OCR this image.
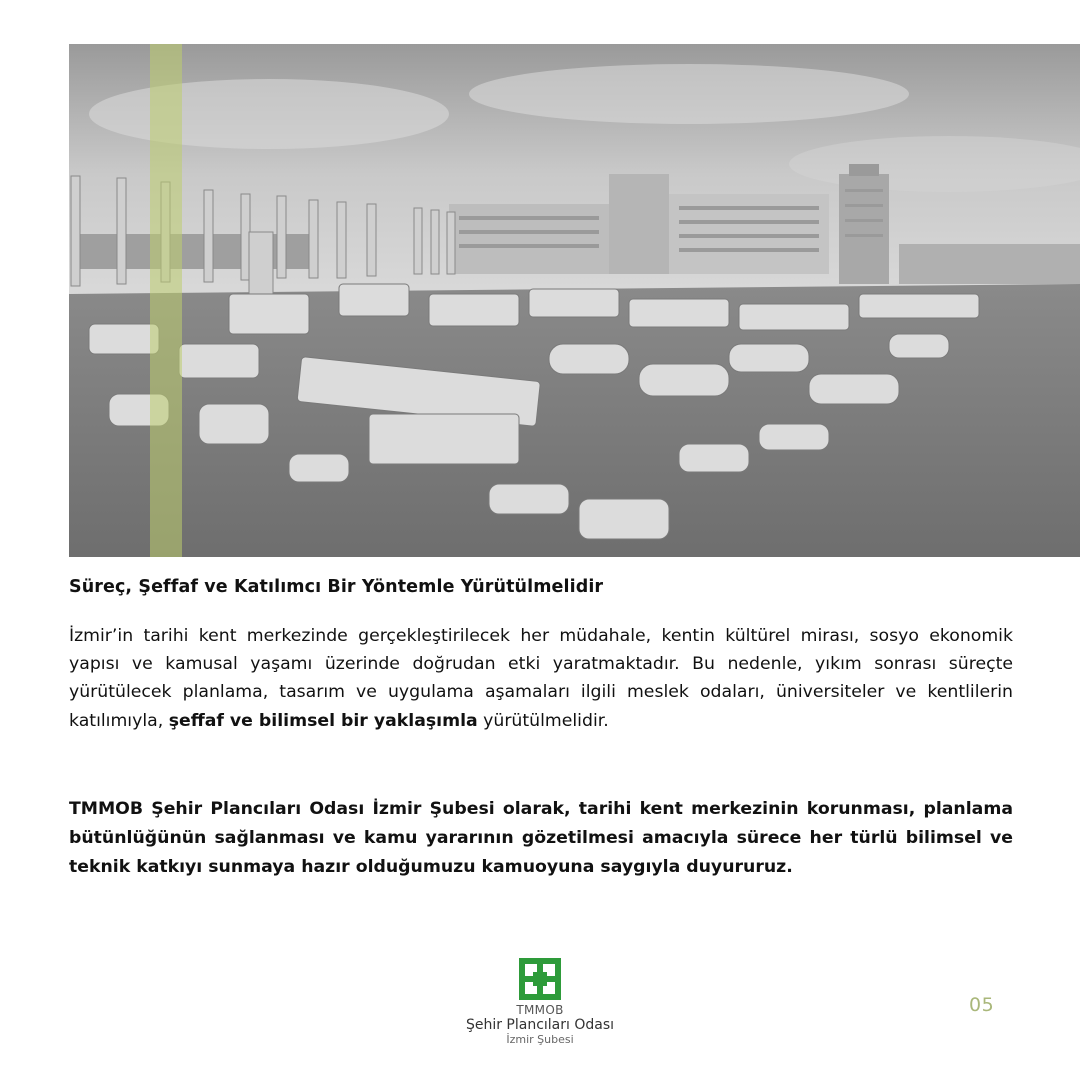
Süreç, Şeffaf ve Katılımcı Bir Yöntemle Yürütülmelidir
İzmir’in tarihi kent merkezinde gerçekleştirilecek her müdahale, kentin kültürel mirası, sosyo ekonomik yapısı ve kamusal yaşamı üzerinde doğrudan etki yaratmaktadır. Bu nedenle, yıkım sonrası süreçte yürütülecek planlama, tasarım ve uygulama aşamaları ilgili meslek odaları, üniversiteler ve kentlilerin katılımıyla, şeffaf ve bilimsel bir yaklaşımla yürütülmelidir.
TMMOB Şehir Plancıları Odası İzmir Şubesi olarak, tarihi kent merkezinin korunması, planlama bütünlüğünün sağlanması ve kamu yararının gözetilmesi amacıyla sürece her türlü bilimsel ve teknik katkıyı sunmaya hazır olduğumuzu kamuoyuna saygıyla duyururuz.
TMMOB
Şehir Plancıları Odası
İzmir Şubesi
05
